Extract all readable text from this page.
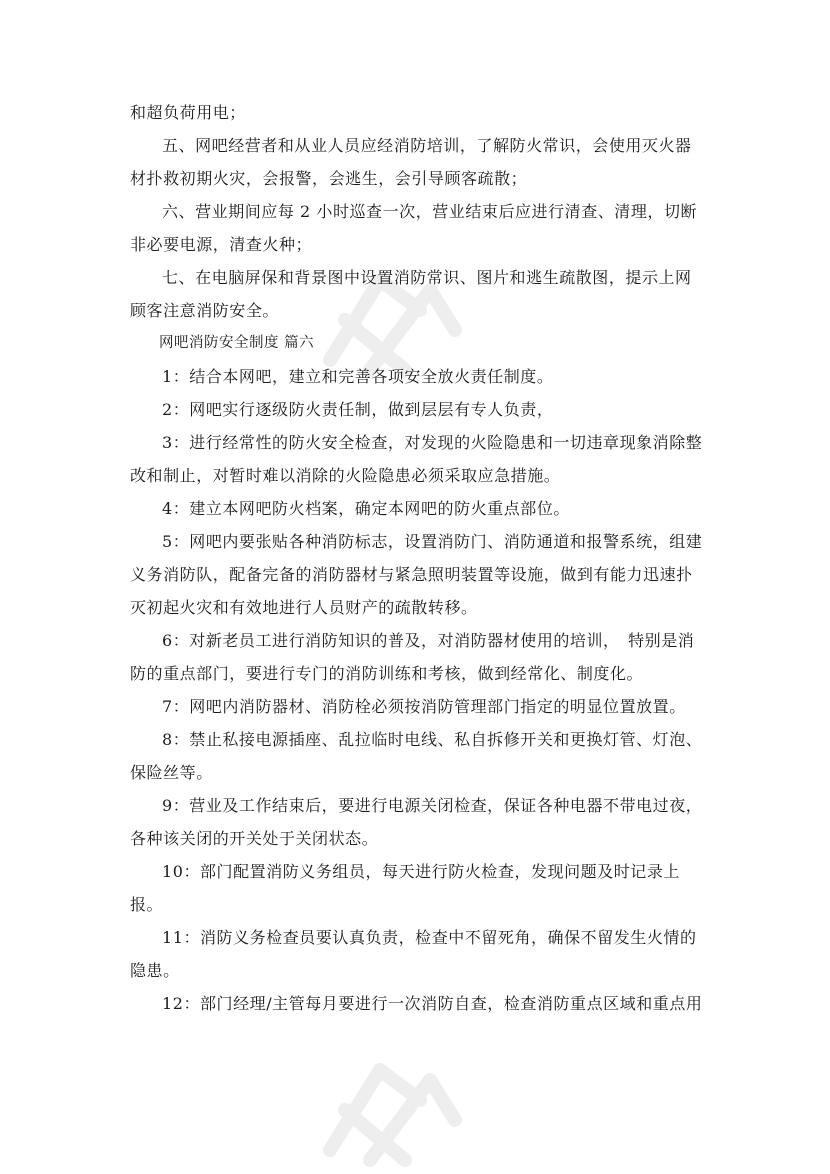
和超负荷用电；

五、网吧经营者和从业人员应经消防培训，了解防火常识，会使用灭火器材扑救初期火灾，会报警，会逃生，会引导顾客疏散；

六、营业期间应每 2 小时巡查一次，营业结束后应进行清查、清理，切断非必要电源，清查火种；

七、在电脑屏保和背景图中设置消防常识、图片和逃生疏散图，提示上网顾客注意消防安全。

网吧消防安全制度 篇六

1：结合本网吧，建立和完善各项安全放火责任制度。

2：网吧实行逐级防火责任制，做到层层有专人负责，

3：进行经常性的防火安全检查，对发现的火险隐患和一切违章现象消除整改和制止，对暂时难以消除的火险隐患必须采取应急措施。

4：建立本网吧防火档案，确定本网吧的防火重点部位。

5：网吧内要张贴各种消防标志，设置消防门、消防通道和报警系统，组建义务消防队，配备完备的消防器材与紧急照明装置等设施，做到有能力迅速扑灭初起火灾和有效地进行人员财产的疏散转移。

6：对新老员工进行消防知识的普及，对消防器材使用的培训，　特别是消防的重点部门，要进行专门的消防训练和考核，做到经常化、制度化。

7：网吧内消防器材、消防栓必须按消防管理部门指定的明显位置放置。

8：禁止私接电源插座、乱拉临时电线、私自拆修开关和更换灯管、灯泡、保险丝等。

9：营业及工作结束后，要进行电源关闭检查，保证各种电器不带电过夜，各种该关闭的开关处于关闭状态。

10：部门配置消防义务组员，每天进行防火检查，发现问题及时记录上报。

11：消防义务检查员要认真负责，检查中不留死角，确保不留发生火情的隐患。

12：部门经理/主管每月要进行一次消防自查，检查消防重点区域和重点用
